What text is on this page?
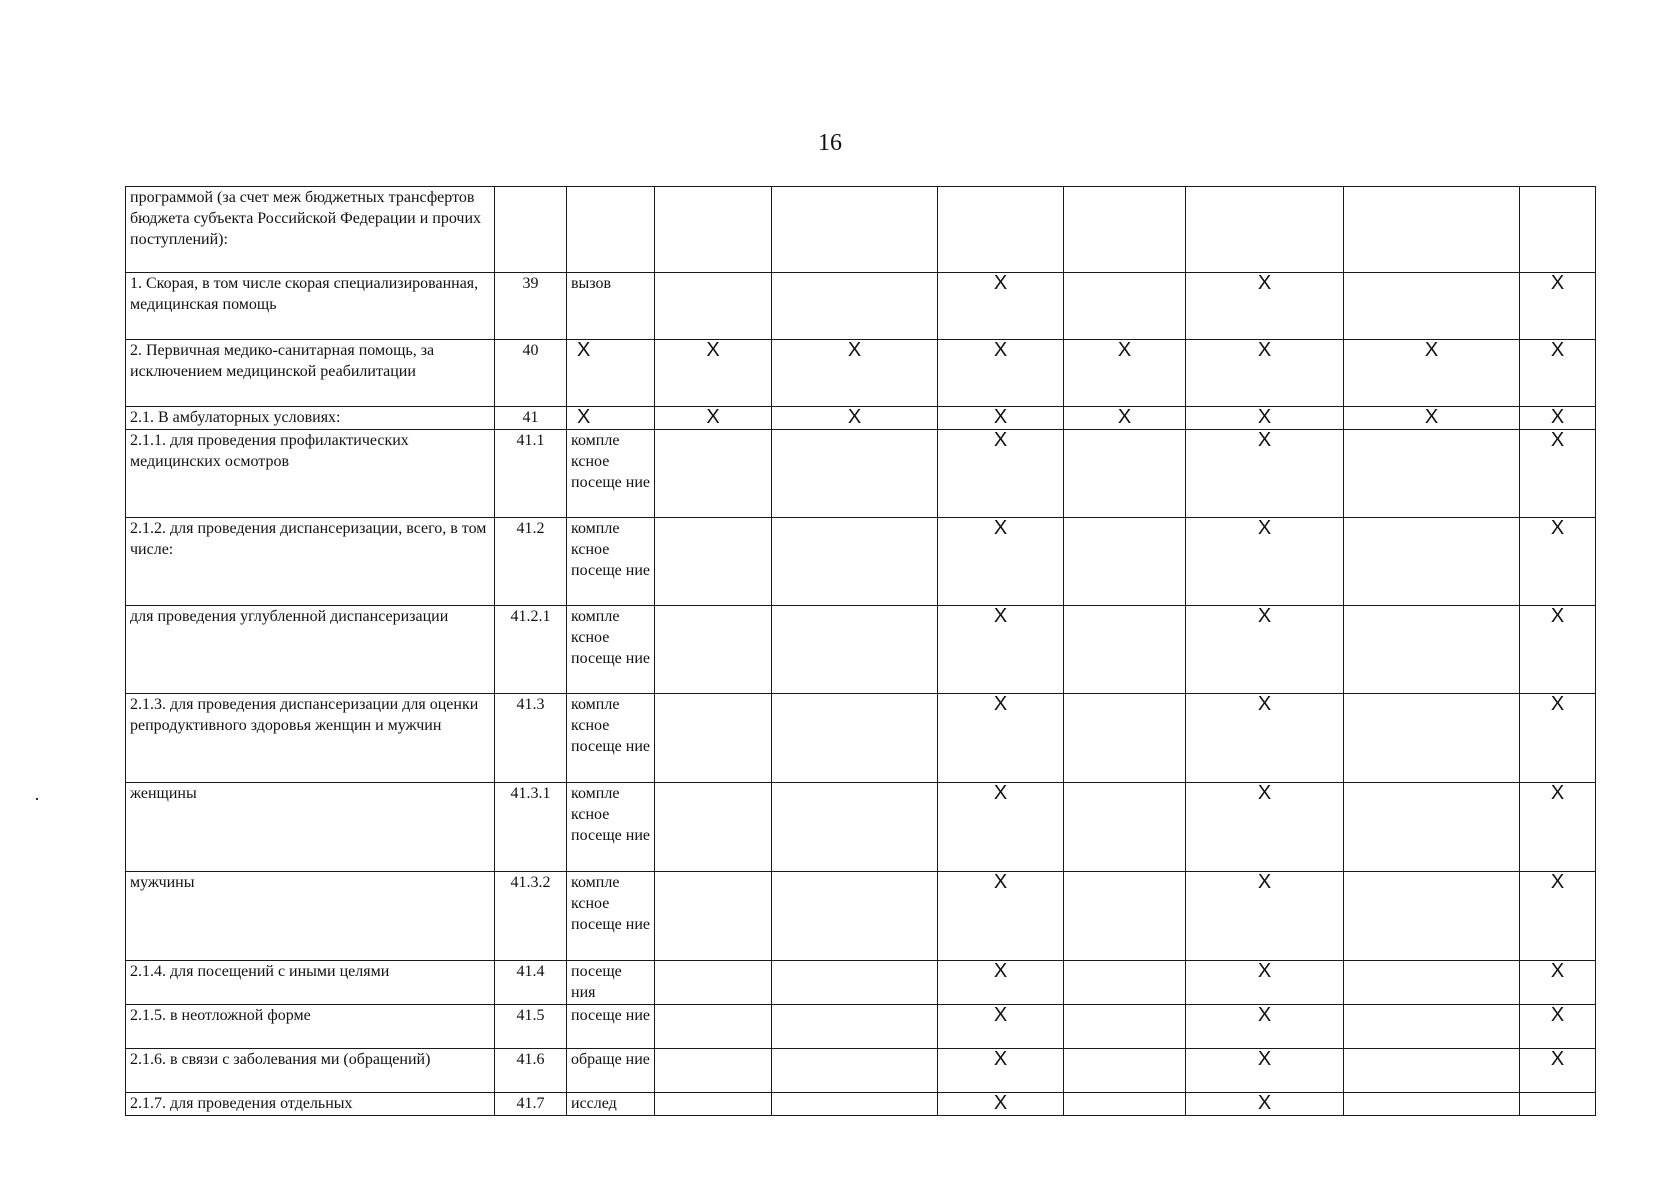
16
программой (за счет меж бюджетных трансфертов бюджета субъекта Российской Федерации и прочих поступлений):										
1. Скорая, в том числе скорая специализированная, медицинская помощь	39	вызов			X		X		X	
2. Первичная медико-санитарная помощь, за исключением медицинской реабилитации	40	X	X	X	X	X	X	X	X	
2.1. В амбулаторных условиях:	41	X	X	X	X	X	X	X	X	
2.1.1. для проведения профилактических медицинских осмотров	41.1	компле ксное посеще ние			X		X		X	
2.1.2. для проведения диспансеризации, всего, в том числе:	41.2	компле ксное посеще ние			X		X		X	
для проведения углубленной диспансеризации	41.2.1	компле ксное посеще ние			X		X		X	
2.1.3. для проведения диспансеризации для оценки репродуктивного здоровья женщин и мужчин	41.3	компле ксное посеще ние			X		X		X	
женщины	41.3.1	компле ксное посеще ние			X		X		X	
мужчины	41.3.2	компле ксное посеще ние			X		X		X	
2.1.4. для посещений с иными целями	41.4	посеще ния			X		X		X	
2.1.5. в неотложной форме	41.5	посеще ние			X		X		X	
2.1.6. в связи с заболевания ми (обращений)	41.6	обраще ние			X		X		X	
2.1.7. для проведения отдельных	41.7	исслед			X		X			
